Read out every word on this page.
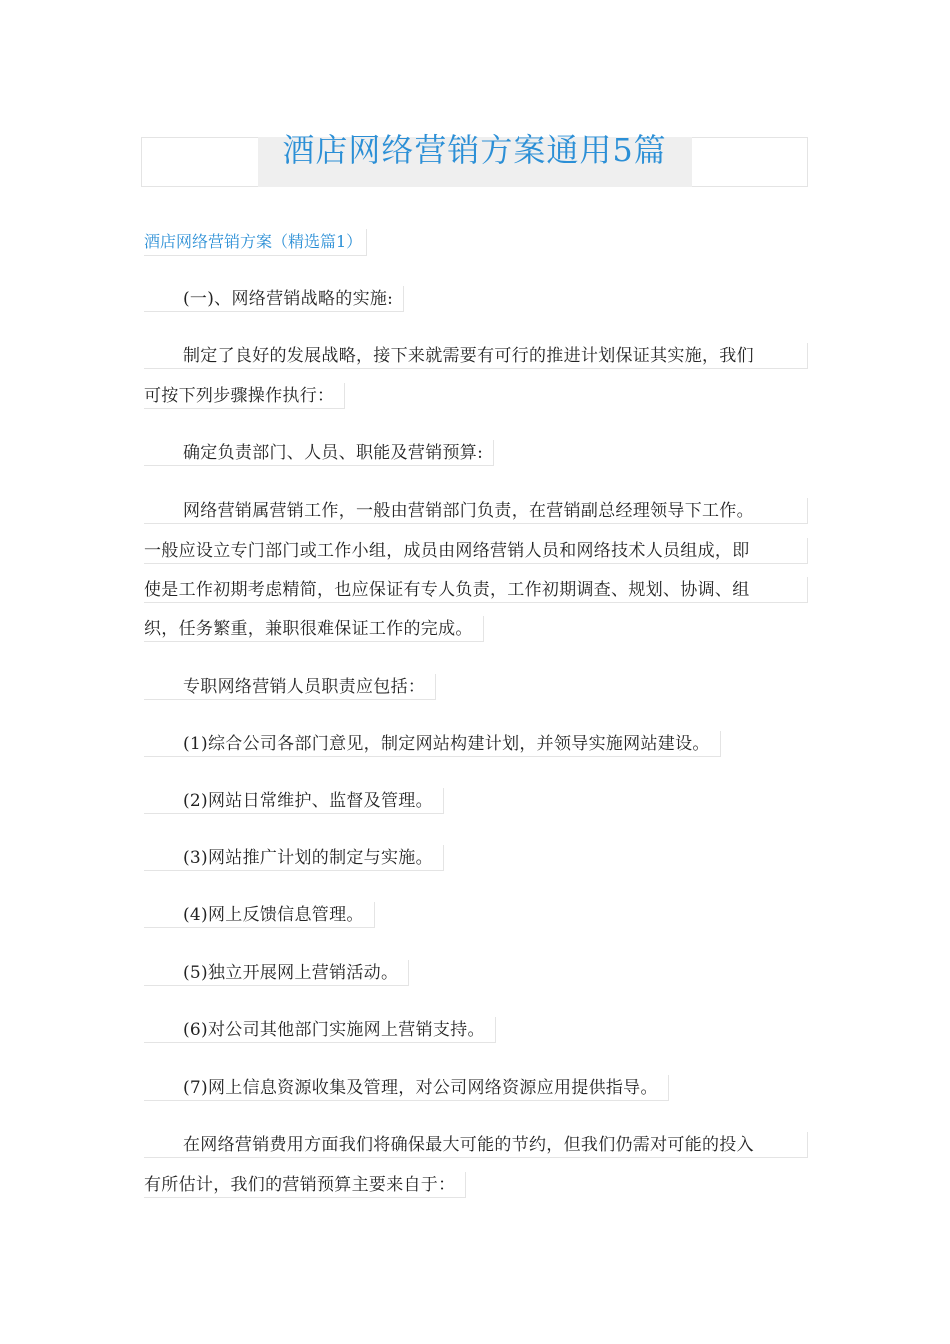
酒店网络营销方案通用5篇
酒店网络营销方案（精选篇1）
(一)、网络营销战略的实施:
制定了良好的发展战略，接下来就需要有可行的推进计划保证其实施，我们
可按下列步骤操作执行：
确定负责部门、人员、职能及营销预算:
网络营销属营销工作，一般由营销部门负责，在营销副总经理领导下工作。
一般应设立专门部门或工作小组，成员由网络营销人员和网络技术人员组成，即
使是工作初期考虑精简，也应保证有专人负责，工作初期调查、规划、协调、组
织，任务繁重，兼职很难保证工作的完成。
专职网络营销人员职责应包括：
(1)综合公司各部门意见，制定网站构建计划，并领导实施网站建设。
(2)网站日常维护、监督及管理。
(3)网站推广计划的制定与实施。
(4)网上反馈信息管理。
(5)独立开展网上营销活动。
(6)对公司其他部门实施网上营销支持。
(7)网上信息资源收集及管理，对公司网络资源应用提供指导。
在网络营销费用方面我们将确保最大可能的节约，但我们仍需对可能的投入
有所估计，我们的营销预算主要来自于：
